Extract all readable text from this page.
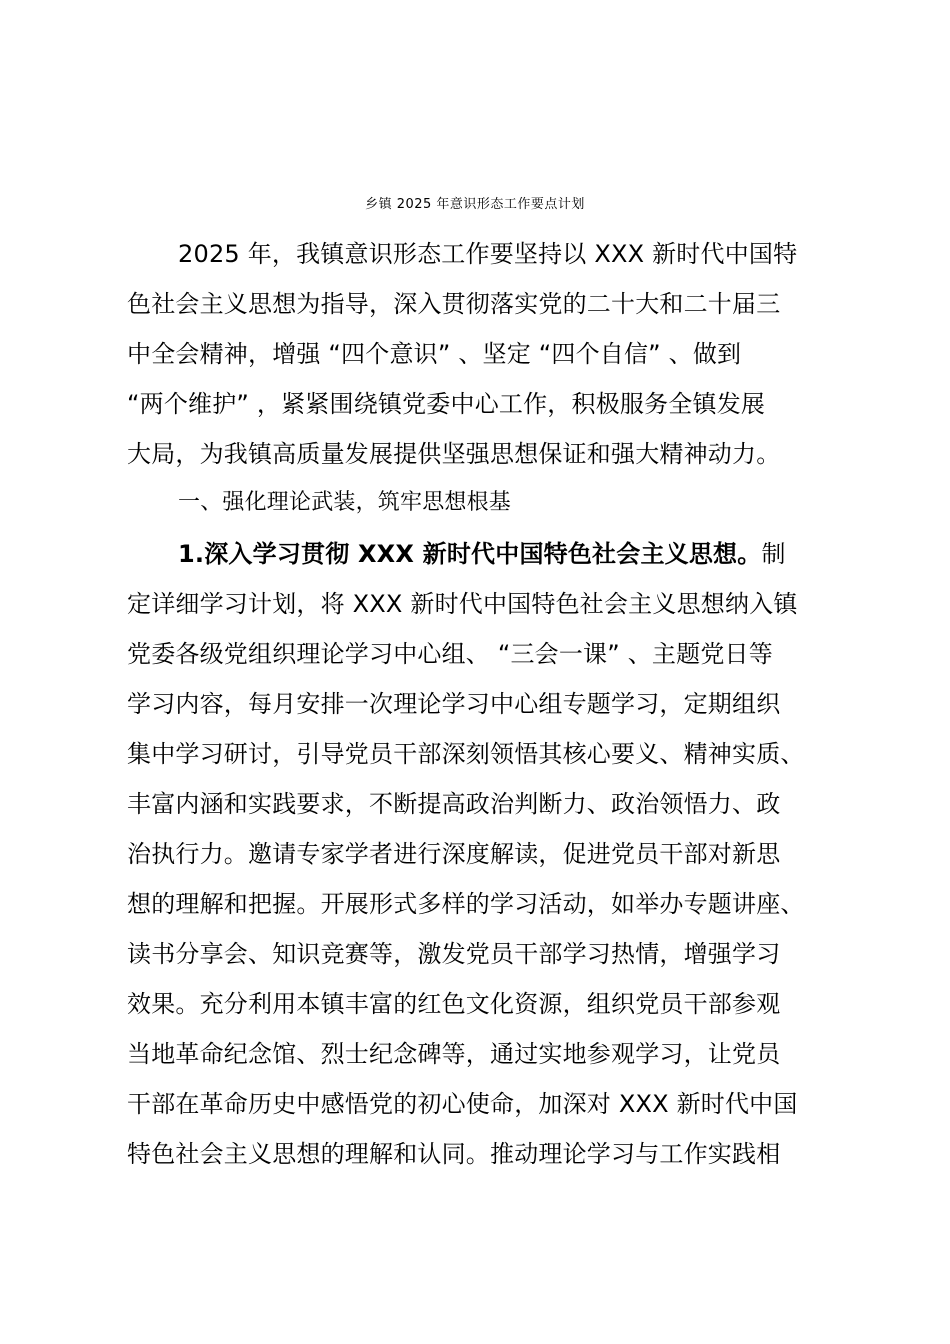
乡镇 2025 年意识形态工作要点计划
2025 年，我镇意识形态工作要坚持以 XXX 新时代中国特
色社会主义思想为指导，深入贯彻落实党的二十大和二十届三
中全会精神，增强 “四个意识” 、坚定 “四个自信” 、做到
“两个维护” ，紧紧围绕镇党委中心工作，积极服务全镇发展
大局，为我镇高质量发展提供坚强思想保证和强大精神动力。
一、强化理论武装，筑牢思想根基
1.深入学习贯彻 XXX 新时代中国特色社会主义思想。制
定详细学习计划，将 XXX 新时代中国特色社会主义思想纳入镇
党委各级党组织理论学习中心组、 “三会一课” 、主题党日等
学习内容，每月安排一次理论学习中心组专题学习，定期组织
集中学习研讨，引导党员干部深刻领悟其核心要义、精神实质、
丰富内涵和实践要求，不断提高政治判断力、政治领悟力、政
治执行力。邀请专家学者进行深度解读，促进党员干部对新思
想的理解和把握。开展形式多样的学习活动，如举办专题讲座、
读书分享会、知识竞赛等，激发党员干部学习热情，增强学习
效果。充分利用本镇丰富的红色文化资源，组织党员干部参观
当地革命纪念馆、烈士纪念碑等，通过实地参观学习，让党员
干部在革命历史中感悟党的初心使命，加深对 XXX 新时代中国
特色社会主义思想的理解和认同。推动理论学习与工作实践相
